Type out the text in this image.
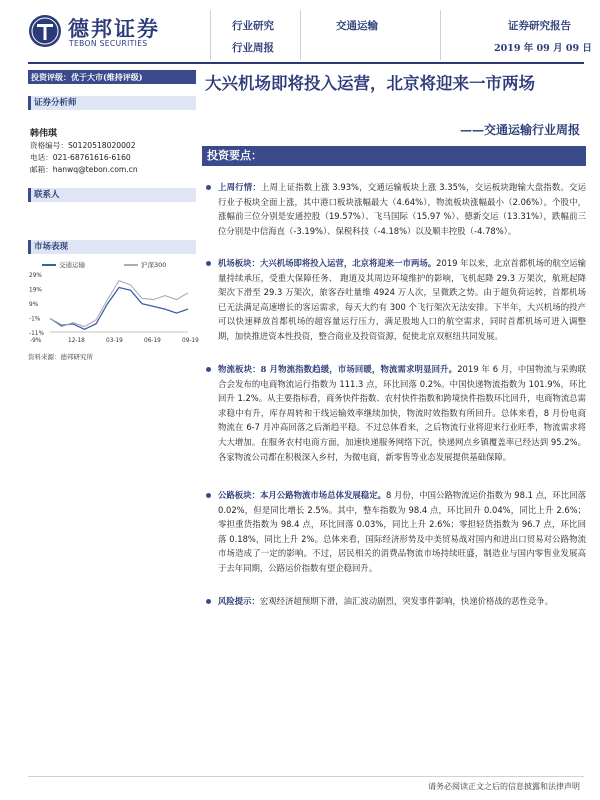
德邦证券
TEBON SECURITIES
行业研究
行业周报
交通运输	证券研究报告
2019 年 09 月 09 日
投资评级：优于大市(维持评级)
证券分析师
韩伟琪
资格编号：S0120518020002
电话：021-68761616-6160
邮箱：hanwq@tebon.com.cn
联系人
市场表现
交通运输	沪深300
29%
19%
9%
-1%
-11%
-9%	12-18	03-19	06-19	09-19
资料来源：德邦研究所
大兴机场即将投入运营，北京将迎来一市两场
——交通运输行业周报
投资要点：
上周行情：上周上证指数上涨 3.93%，交通运输板块上涨 3.35%，交运板块跑输大盘指数。交运行业子板块全面上涨，其中港口板块涨幅最大（4.64%），物流板块涨幅最小（2.06%）。个股中，涨幅前三位分别是安通控股（19.57%）、飞马国际（15.97 %）、德新交运（13.31%），跌幅前三位分别是中信海直（-3.19%）、保税科技（-4.18%）以及顺丰控股（-4.78%）。
机场板块：大兴机场即将投入运营，北京将迎来一市两场。2019 年以来，北京首都机场的航空运输量持续承压，受重大保障任务、 跑道及其周边环境维护的影响，飞机起降 29.3 万架次，航班起降架次下滑至 29.3 万架次，旅客吞吐量维 4924 万人次，呈微跌之势。由于超负荷运转，首都机场已无法满足高速增长的客运需求，每天大约有 300 个飞行架次无法安排。下半年，大兴机场的投产可以快速释放首都机场的超容量运行压力，满足股地人口的航空需求，同时首都机场可进入调整期，加快推进资本性投资，整合商业及投资资源，促使北京双枢纽共同发展。
物流板块：8 月物流指数趋缓，市场回暖，物流需求明显回升。2019 年 6 月，中国物流与采购联合会发布的电商物流运行指数为 111.3 点，环比回落 0.2%。中国快递物流指数为 101.9%，环比回升 1.2%。从主要指标看，商务快件指数、农村快件指数和跨境快件指数环比回升，电商物流总需求稳中有升，库存周转和干线运输效率继续加快，物流时效指数有所回升。总体来看，8 月份电商物流在 6-7 月冲高回落之后渐趋平稳。不过总体看来，之后物流行业将迎来行业旺季，物流需求将大大增加。在服务农村电商方面，加速快递服务网络下沉，快递网点乡镇覆盖率已经达到 95.2%。各家物流公司都在积极深入乡村，为微电商，新零售等业态发展提供基础保障。
公路板块：本月公路物流市场总体发展稳定。8 月份，中国公路物流运价指数为 98.1 点，环比回落 0.02%，但是同比增长 2.5%。其中，整车指数为 98.4 点，环比回升 0.04%，同比上升 2.6%；零担重货指数为 98.4 点，环比回落 0.03%，同比上升 2.6%；零担轻货指数为 96.7 点，环比回落 0.18%，同比上升 2%。总体来看，国际经济形势及中美贸易战对国内和进出口贸易对公路物流市场造成了一定的影响。不过，居民相关的消费品物流市场持续旺盛，制造业与国内零售业发展高于去年同期，公路运价指数有望企稳回升。
风险提示：宏观经济超预期下滑，油汇波动剧烈，突发事件影响，快递价格战的恶性竞争。
请务必阅读正文之后的信息披露和法律声明
